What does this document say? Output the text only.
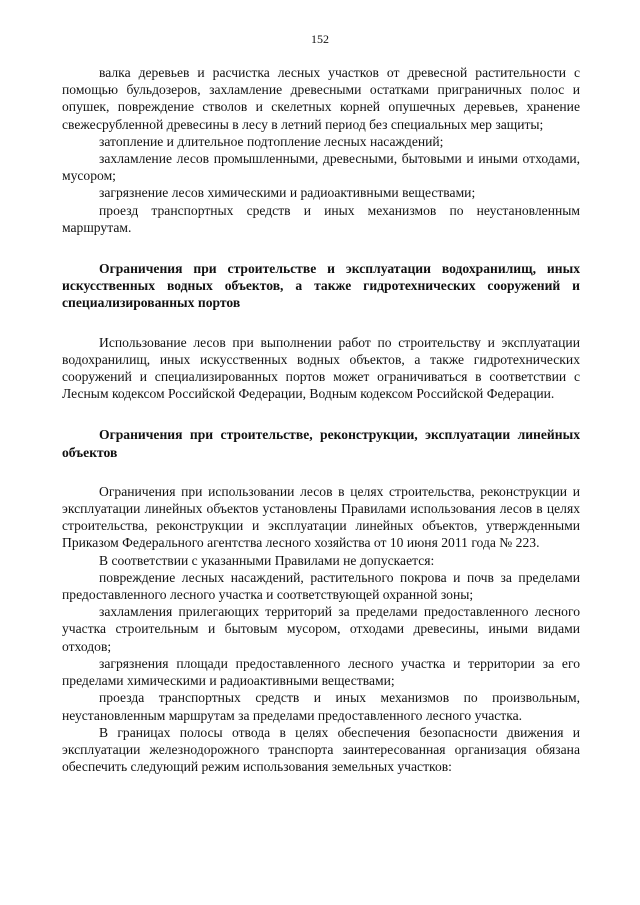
152

валка деревьев и расчистка лесных участков от древесной растительности с помощью бульдозеров, захламление древесными остатками приграничных полос и опушек, повреждение стволов и скелетных корней опушечных деревьев, хранение свежесрубленной древесины в лесу в летний период без специальных мер защиты;

затопление и длительное подтопление лесных насаждений;

захламление лесов промышленными, древесными, бытовыми и иными отходами, мусором;

загрязнение лесов химическими и радиоактивными веществами;

проезд транспортных средств и иных механизмов по неустановленным маршрутам.

Ограничения при строительстве и эксплуатации водохранилищ, иных искусственных водных объектов, а также гидротехнических сооружений и специализированных портов

Использование лесов при выполнении работ по строительству и эксплуатации водохранилищ, иных искусственных водных объектов, а также гидротехнических сооружений и специализированных портов может ограничиваться в соответствии с Лесным кодексом Российской Федерации, Водным кодексом Российской Федерации.

Ограничения при строительстве, реконструкции, эксплуатации линейных объектов

Ограничения при использовании лесов в целях строительства, реконструкции и эксплуатации линейных объектов установлены Правилами использования лесов в целях строительства, реконструкции и эксплуатации линейных объектов, утвержденными Приказом Федерального агентства лесного хозяйства от 10 июня 2011 года № 223.

В соответствии с указанными Правилами не допускается:

повреждение лесных насаждений, растительного покрова и почв за пределами предоставленного лесного участка и соответствующей охранной зоны;

захламления прилегающих территорий за пределами предоставленного лесного участка строительным и бытовым мусором, отходами древесины, иными видами отходов;

загрязнения площади предоставленного лесного участка и территории за его пределами химическими и радиоактивными веществами;

проезда транспортных средств и иных механизмов по произвольным, неустановленным маршрутам за пределами предоставленного лесного участка.

В границах полосы отвода в целях обеспечения безопасности движения и эксплуатации железнодорожного транспорта заинтересованная организация обязана обеспечить следующий режим использования земельных участков:
